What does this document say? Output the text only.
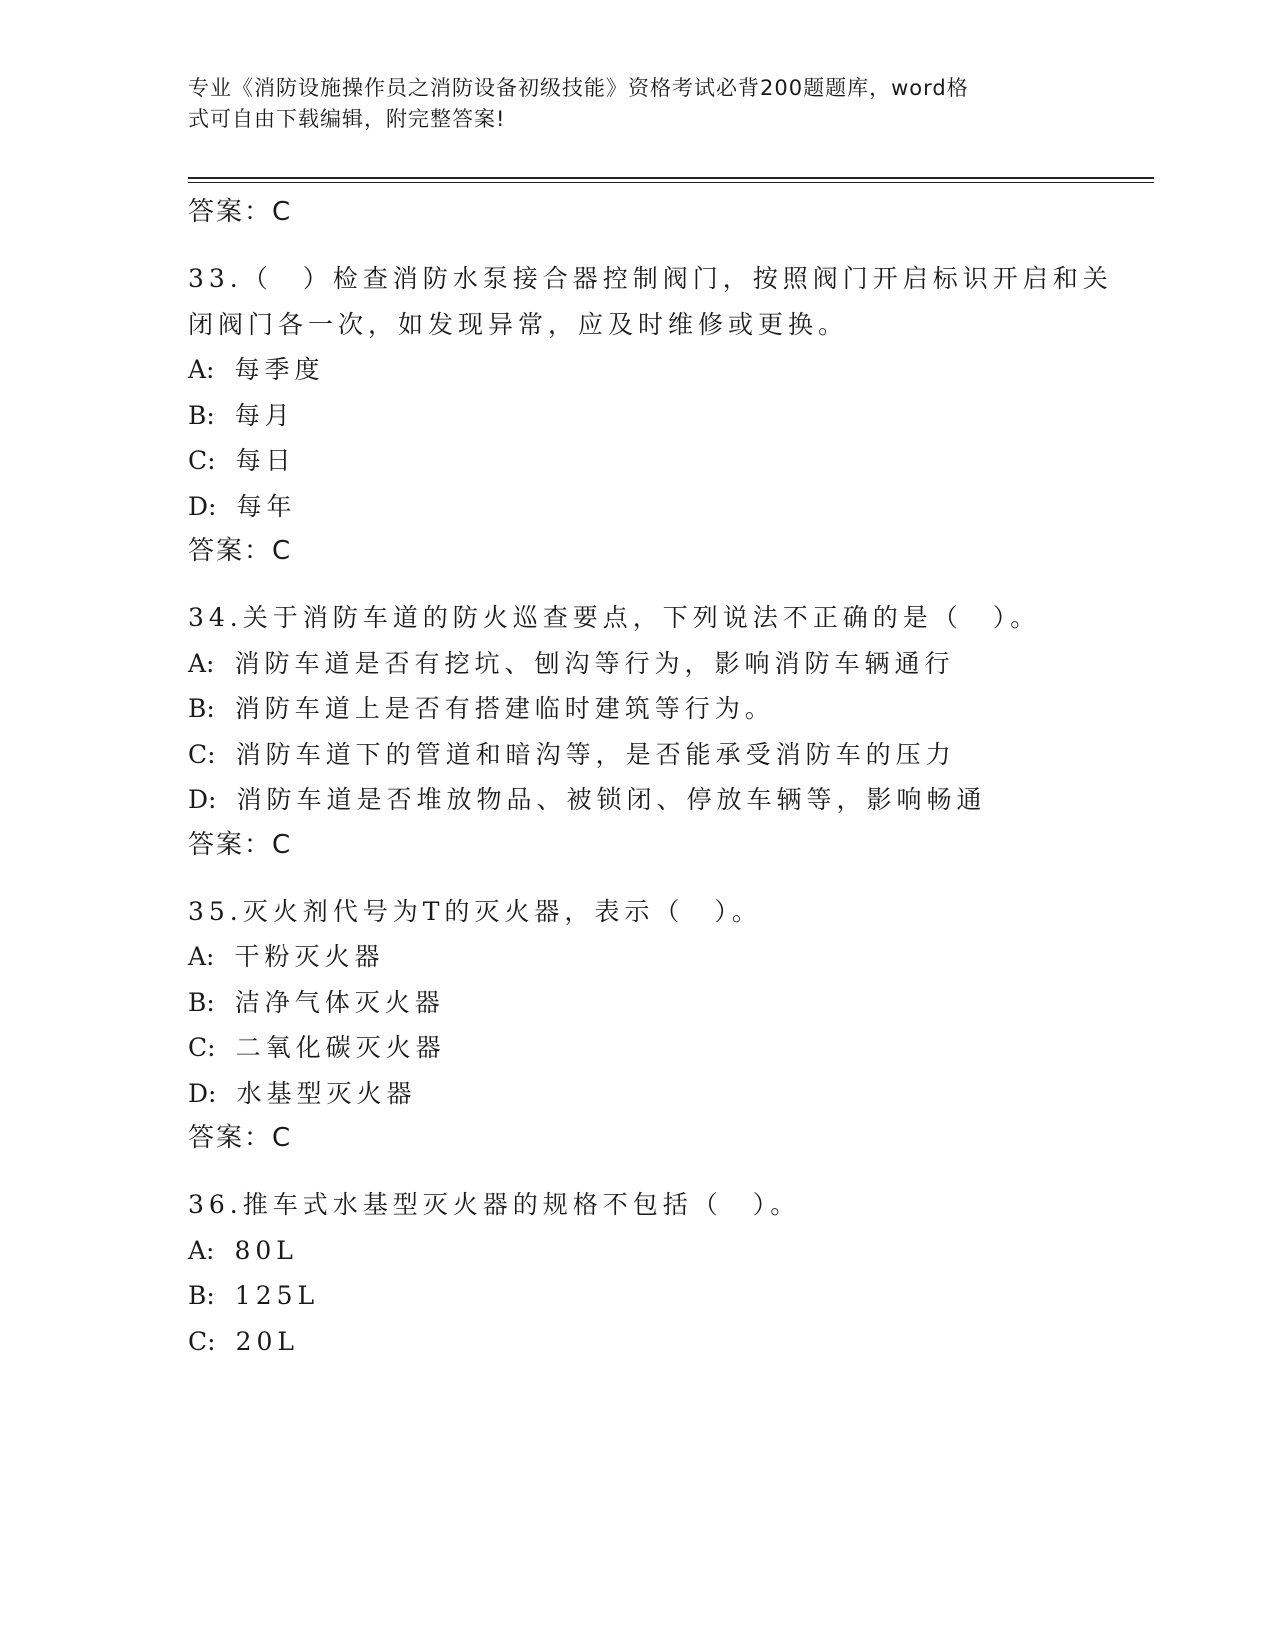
专业《消防设施操作员之消防设备初级技能》资格考试必背200题题库，word格
式可自由下载编辑，附完整答案!
答案：C
33.（　）检查消防水泵接合器控制阀门，按照阀门开启标识开启和关
闭阀门各一次，如发现异常，应及时维修或更换。
A: 每季度
B: 每月
C: 每日
D: 每年
答案：C
34.关于消防车道的防火巡查要点，下列说法不正确的是（　）。
A: 消防车道是否有挖坑、刨沟等行为，影响消防车辆通行
B: 消防车道上是否有搭建临时建筑等行为。
C: 消防车道下的管道和暗沟等，是否能承受消防车的压力
D: 消防车道是否堆放物品、被锁闭、停放车辆等，影响畅通
答案：C
35.灭火剂代号为T的灭火器，表示（　）。
A: 干粉灭火器
B: 洁净气体灭火器
C: 二氧化碳灭火器
D: 水基型灭火器
答案：C
36.推车式水基型灭火器的规格不包括（　）。
A: 80L
B: 125L
C: 20L
